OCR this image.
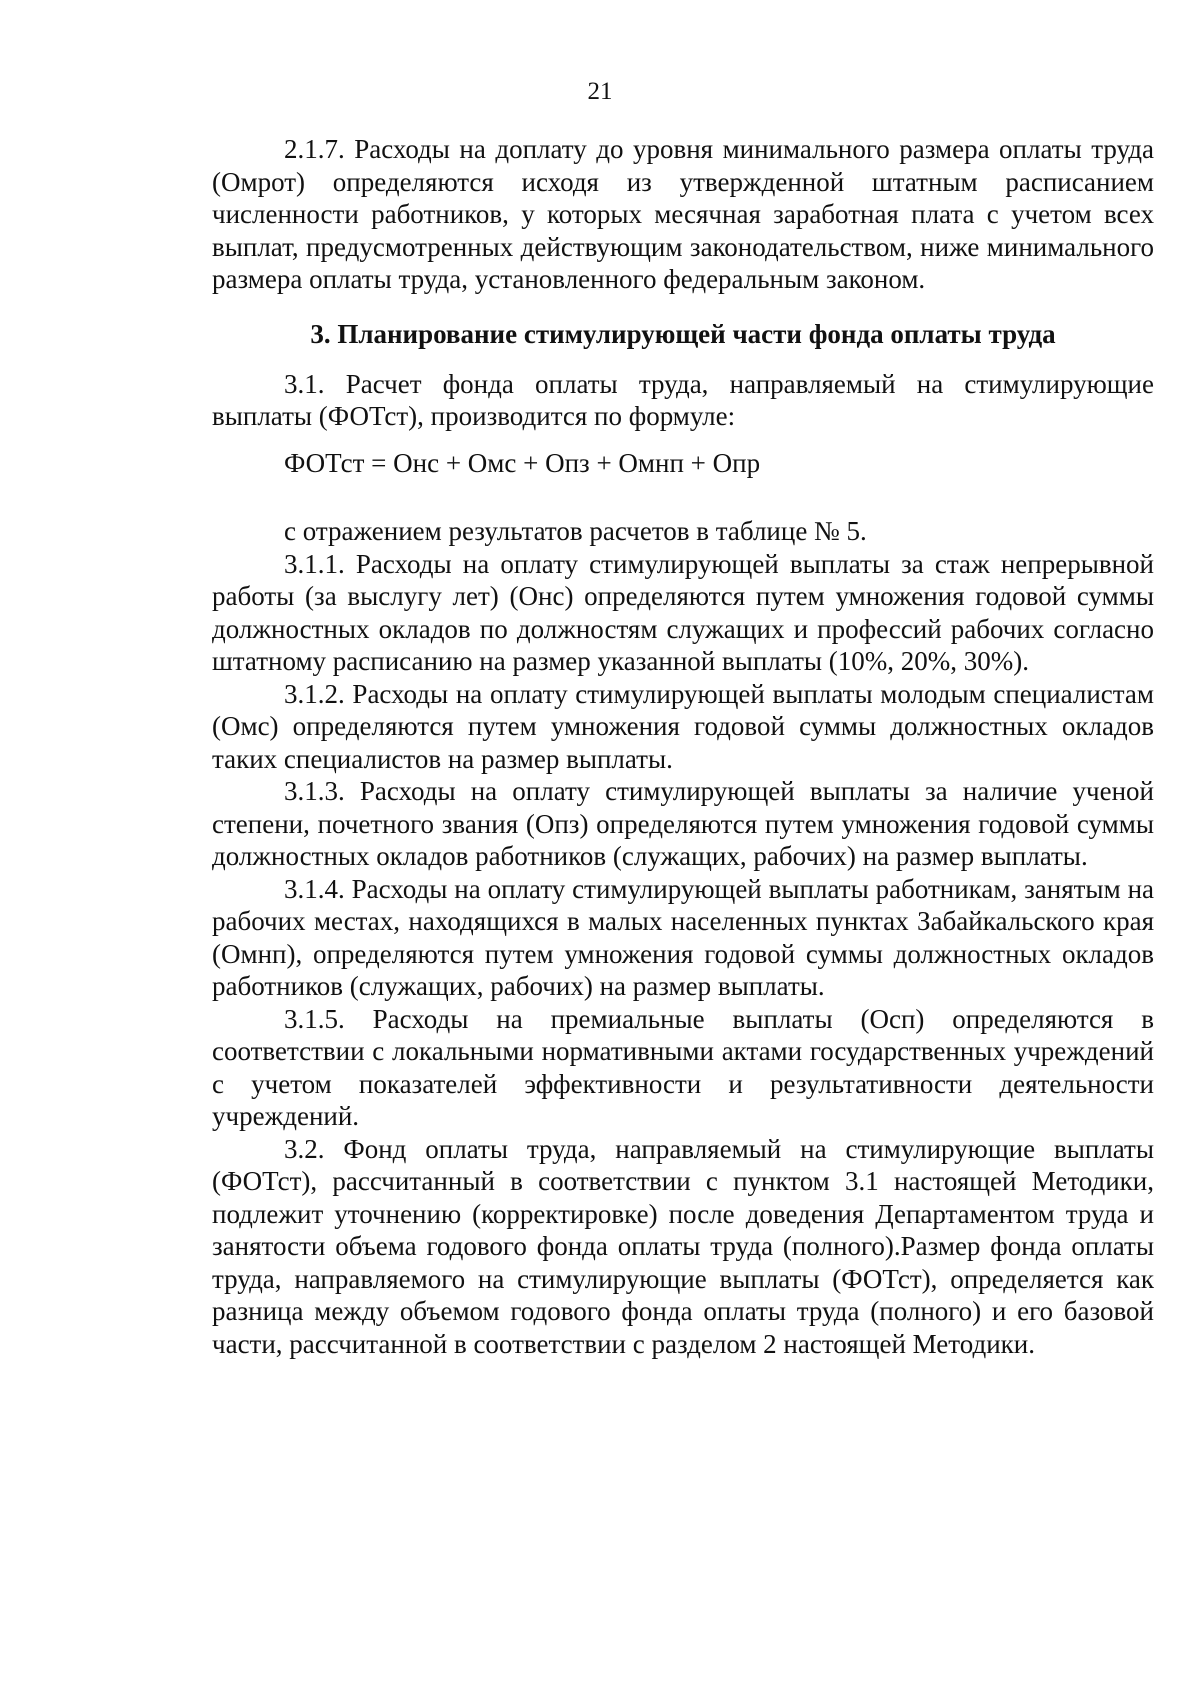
21

2.1.7. Расходы на доплату до уровня минимального размера оплаты труда (Омрот) определяются исходя из утвержденной штатным расписанием численности работников, у которых месячная заработная плата с учетом всех выплат, предусмотренных действующим законодательством, ниже минимального размера оплаты труда, установленного федеральным законом.

3. Планирование стимулирующей части фонда оплаты труда

3.1. Расчет фонда оплаты труда, направляемый на стимулирующие выплаты (ФОТст), производится по формуле:

ФОТст = Онс + Омс + Опз + Омнп + Опр

с отражением результатов расчетов в таблице № 5.

3.1.1. Расходы на оплату стимулирующей выплаты за стаж непрерывной работы (за выслугу лет) (Онс) определяются путем умножения годовой суммы должностных окладов по должностям служащих и профессий рабочих согласно штатному расписанию на размер указанной выплаты (10%, 20%, 30%).

3.1.2. Расходы на оплату стимулирующей выплаты молодым специалистам (Омс) определяются путем умножения годовой суммы должностных окладов таких специалистов на размер выплаты.

3.1.3. Расходы на оплату стимулирующей выплаты за наличие ученой степени, почетного звания (Опз) определяются путем умножения годовой суммы должностных окладов работников (служащих, рабочих) на размер выплаты.

3.1.4. Расходы на оплату стимулирующей выплаты работникам, занятым на рабочих местах, находящихся в малых населенных пунктах Забайкальского края (Омнп), определяются путем умножения годовой суммы должностных окладов работников (служащих, рабочих) на размер выплаты.

3.1.5. Расходы на премиальные выплаты (Осп) определяются в соответствии с локальными нормативными актами государственных учреждений с учетом показателей эффективности и результативности деятельности учреждений.

3.2. Фонд оплаты труда, направляемый на стимулирующие выплаты (ФОТст), рассчитанный в соответствии с пунктом 3.1 настоящей Методики, подлежит уточнению (корректировке) после доведения Департаментом труда и занятости объема годового фонда оплаты труда (полного).Размер фонда оплаты труда, направляемого на стимулирующие выплаты (ФОТст), определяется как разница между объемом годового фонда оплаты труда (полного) и его базовой части, рассчитанной в соответствии с разделом 2 настоящей Методики.
